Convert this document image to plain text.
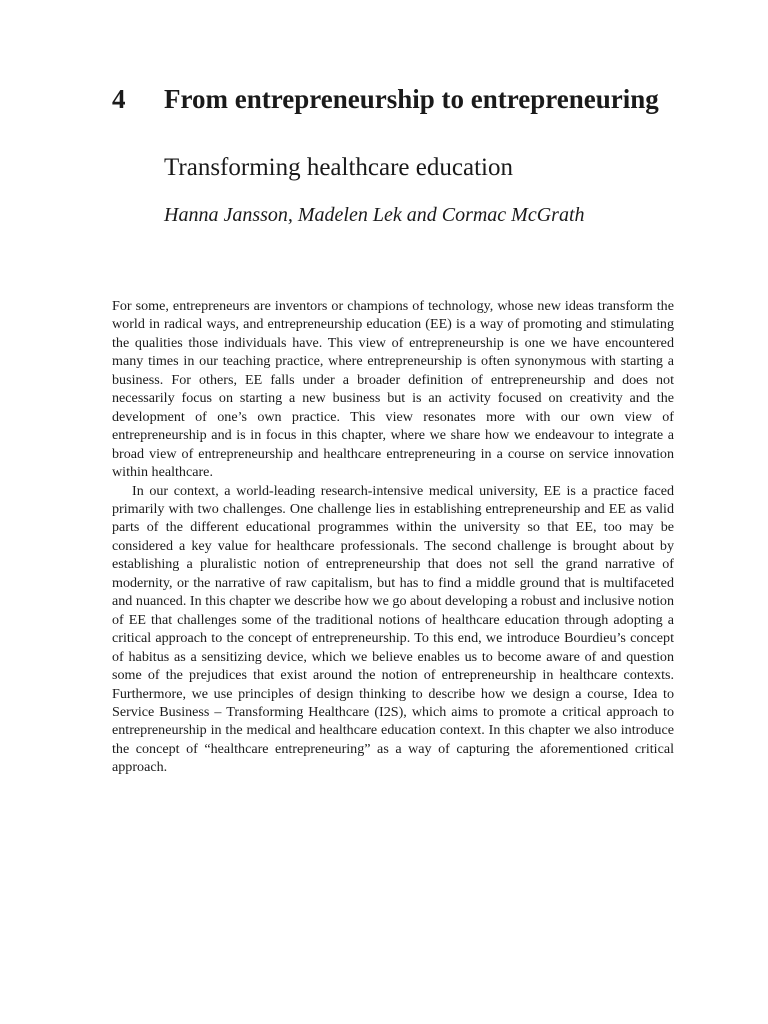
4 From entrepreneurship to entrepreneuring
Transforming healthcare education
Hanna Jansson, Madelen Lek and Cormac McGrath

For some, entrepreneurs are inventors or champions of technology, whose new ideas transform the world in radical ways, and entrepreneurship education (EE) is a way of promoting and stimulating the qualities those individuals have. This view of entrepreneurship is one we have encountered many times in our teaching practice, where entrepreneurship is often synonymous with starting a business. For others, EE falls under a broader definition of entrepreneurship and does not necessarily focus on starting a new business but is an activity focused on creativity and the development of one’s own practice. This view resonates more with our own view of entrepreneurship and is in focus in this chapter, where we share how we endeavour to integrate a broad view of entrepreneurship and healthcare entrepreneuring in a course on service innovation within healthcare.

In our context, a world-leading research-intensive medical university, EE is a practice faced primarily with two challenges. One challenge lies in establishing entrepreneurship and EE as valid parts of the different educational programmes within the university so that EE, too may be considered a key value for healthcare professionals. The second challenge is brought about by establishing a pluralistic notion of entrepreneurship that does not sell the grand narrative of modernity, or the narrative of raw capitalism, but has to find a middle ground that is multifaceted and nuanced. In this chapter we describe how we go about developing a robust and inclusive notion of EE that challenges some of the traditional notions of healthcare education through adopting a critical approach to the concept of entrepreneurship. To this end, we introduce Bourdieu’s concept of habitus as a sensitizing device, which we believe enables us to become aware of and question some of the prejudices that exist around the notion of entrepreneurship in healthcare contexts. Furthermore, we use principles of design thinking to describe how we design a course, Idea to Service Business – Transforming Healthcare (I2S), which aims to promote a critical approach to entrepreneurship in the medical and healthcare education context. In this chapter we also introduce the concept of “healthcare entrepreneuring” as a way of capturing the aforementioned critical approach.
